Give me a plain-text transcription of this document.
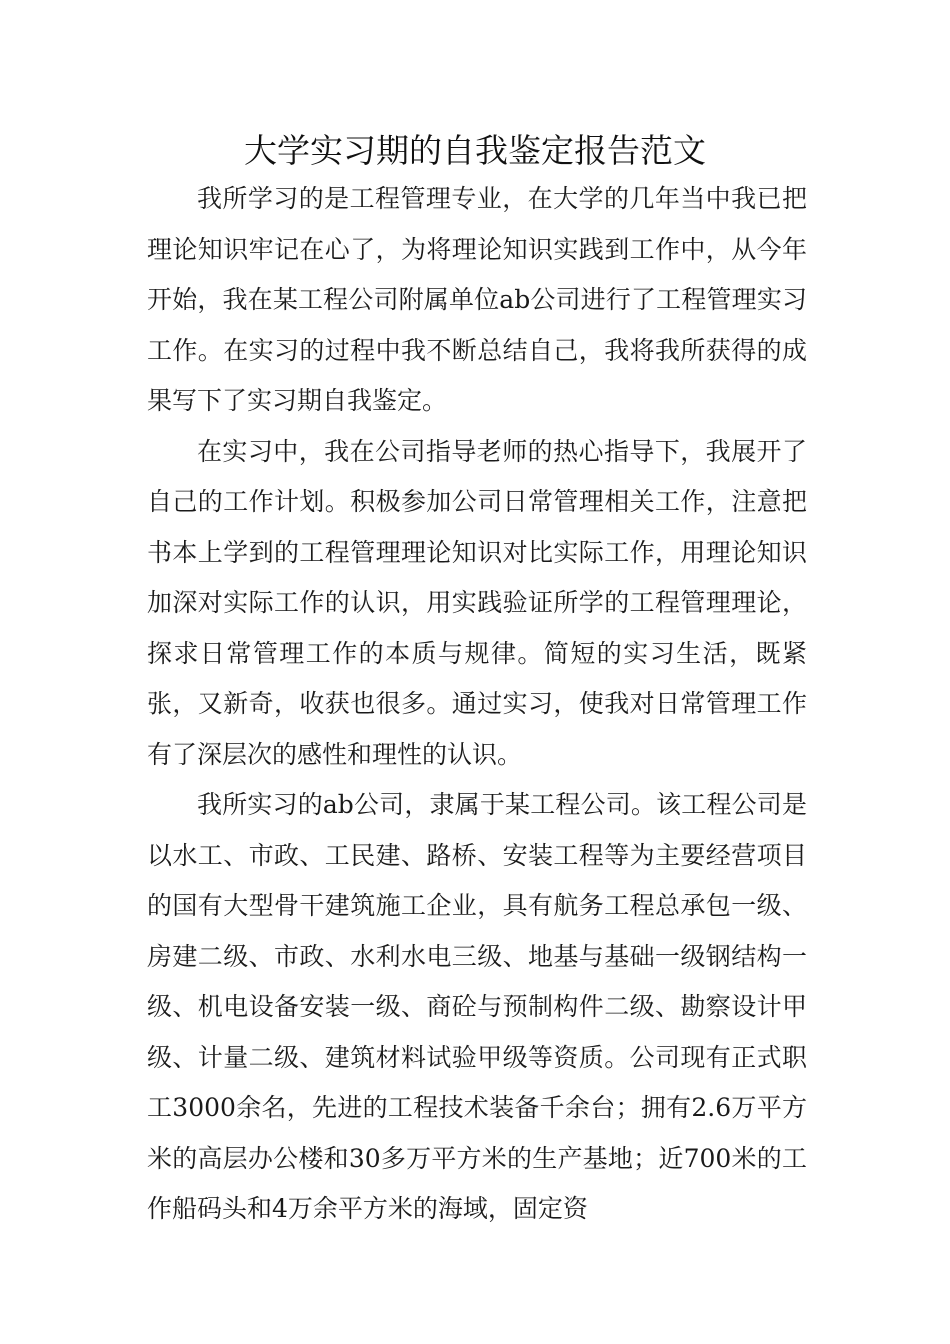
大学实习期的自我鉴定报告范文

我所学习的是工程管理专业，在大学的几年当中我已把理论知识牢记在心了，为将理论知识实践到工作中，从今年开始，我在某工程公司附属单位ab公司进行了工程管理实习工作。在实习的过程中我不断总结自己，我将我所获得的成果写下了实习期自我鉴定。

在实习中，我在公司指导老师的热心指导下，我展开了自己的工作计划。积极参加公司日常管理相关工作，注意把书本上学到的工程管理理论知识对比实际工作，用理论知识加深对实际工作的认识，用实践验证所学的工程管理理论，探求日常管理工作的本质与规律。简短的实习生活，既紧张，又新奇，收获也很多。通过实习，使我对日常管理工作有了深层次的感性和理性的认识。

我所实习的ab公司，隶属于某工程公司。该工程公司是以水工、市政、工民建、路桥、安装工程等为主要经营项目的国有大型骨干建筑施工企业，具有航务工程总承包一级、房建二级、市政、水利水电三级、地基与基础一级钢结构一级、机电设备安装一级、商砼与预制构件二级、勘察设计甲级、计量二级、建筑材料试验甲级等资质。公司现有正式职工3000余名，先进的工程技术装备千余台；拥有2.6万平方米的高层办公楼和30多万平方米的生产基地；近700米的工作船码头和4万余平方米的海域，固定资
